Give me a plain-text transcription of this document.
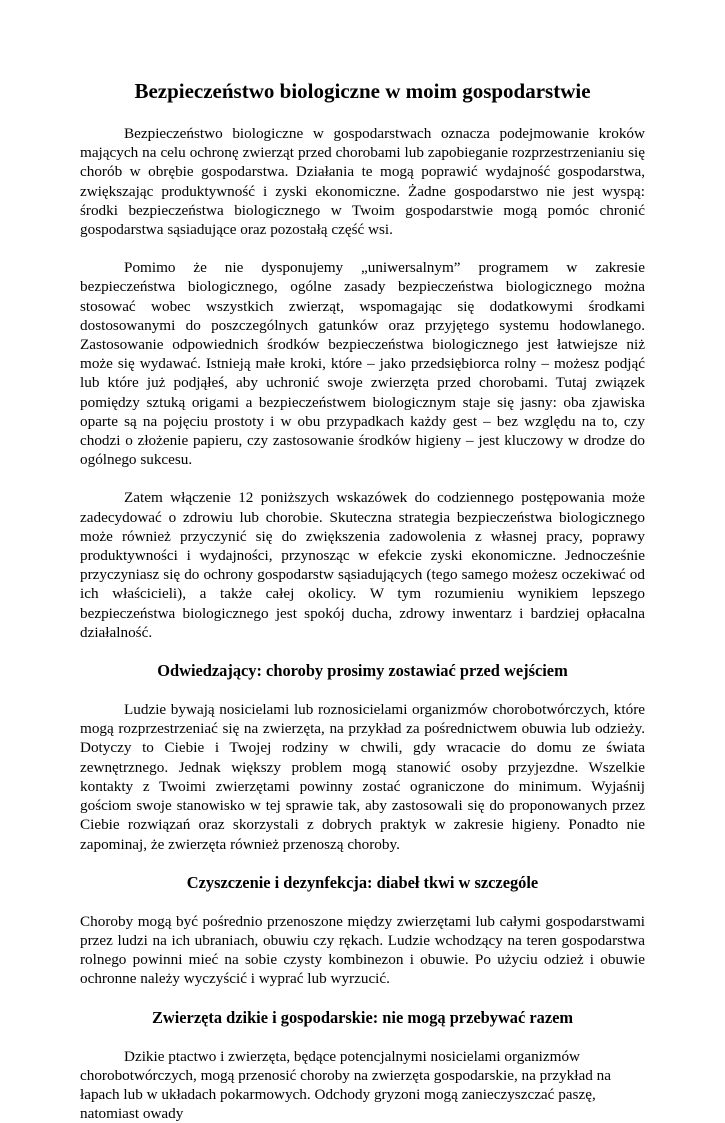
Bezpieczeństwo biologiczne w moim gospodarstwie

Bezpieczeństwo biologiczne w gospodarstwach oznacza podejmowanie kroków mających na celu ochronę zwierząt przed chorobami lub zapobieganie rozprzestrzenianiu się chorób w obrębie gospodarstwa. Działania te mogą poprawić wydajność gospodarstwa, zwiększając produktywność i zyski ekonomiczne. Żadne gospodarstwo nie jest wyspą: środki bezpieczeństwa biologicznego w Twoim gospodarstwie mogą pomóc chronić gospodarstwa sąsiadujące oraz pozostałą część wsi.

Pomimo że nie dysponujemy „uniwersalnym” programem w zakresie bezpieczeństwa biologicznego, ogólne zasady bezpieczeństwa biologicznego można stosować wobec wszystkich zwierząt, wspomagając się dodatkowymi środkami dostosowanymi do poszczególnych gatunków oraz przyjętego systemu hodowlanego. Zastosowanie odpowiednich środków bezpieczeństwa biologicznego jest łatwiejsze niż może się wydawać. Istnieją małe kroki, które – jako przedsiębiorca rolny – możesz podjąć lub które już podjąłeś, aby uchronić swoje zwierzęta przed chorobami. Tutaj związek pomiędzy sztuką origami a bezpieczeństwem biologicznym staje się jasny: oba zjawiska oparte są na pojęciu prostoty i w obu przypadkach każdy gest – bez względu na to, czy chodzi o złożenie papieru, czy zastosowanie środków higieny – jest kluczowy w drodze do ogólnego sukcesu.

Zatem włączenie 12 poniższych wskazówek do codziennego postępowania może zadecydować o zdrowiu lub chorobie. Skuteczna strategia bezpieczeństwa biologicznego może również przyczynić się do zwiększenia zadowolenia z własnej pracy, poprawy produktywności i wydajności, przynosząc w efekcie zyski ekonomiczne. Jednocześnie przyczyniasz się do ochrony gospodarstw sąsiadujących (tego samego możesz oczekiwać od ich właścicieli), a także całej okolicy. W tym rozumieniu wynikiem lepszego bezpieczeństwa biologicznego jest spokój ducha, zdrowy inwentarz i bardziej opłacalna działalność.

Odwiedzający: choroby prosimy zostawiać przed wejściem

Ludzie bywają nosicielami lub roznosicielami organizmów chorobotwórczych, które mogą rozprzestrzeniać się na zwierzęta, na przykład za pośrednictwem obuwia lub odzieży. Dotyczy to Ciebie i Twojej rodziny w chwili, gdy wracacie do domu ze świata zewnętrznego. Jednak większy problem mogą stanowić osoby przyjezdne. Wszelkie kontakty z Twoimi zwierzętami powinny zostać ograniczone do minimum. Wyjaśnij gościom swoje stanowisko w tej sprawie tak, aby zastosowali się do proponowanych przez Ciebie rozwiązań oraz skorzystali z dobrych praktyk w zakresie higieny. Ponadto nie zapominaj, że zwierzęta również przenoszą choroby.

Czyszczenie i dezynfekcja: diabeł tkwi w szczególe

Choroby mogą być pośrednio przenoszone między zwierzętami lub całymi gospodarstwami przez ludzi na ich ubraniach, obuwiu czy rękach. Ludzie wchodzący na teren gospodarstwa rolnego powinni mieć na sobie czysty kombinezon i obuwie. Po użyciu odzież i obuwie ochronne należy wyczyścić i wyprać lub wyrzucić.

Zwierzęta dzikie i gospodarskie: nie mogą przebywać razem

Dzikie ptactwo i zwierzęta, będące potencjalnymi nosicielami organizmów chorobotwórczych, mogą przenosić choroby na zwierzęta gospodarskie, na przykład na łapach lub w układach pokarmowych. Odchody gryzoni mogą zanieczyszczać paszę, natomiast owady
